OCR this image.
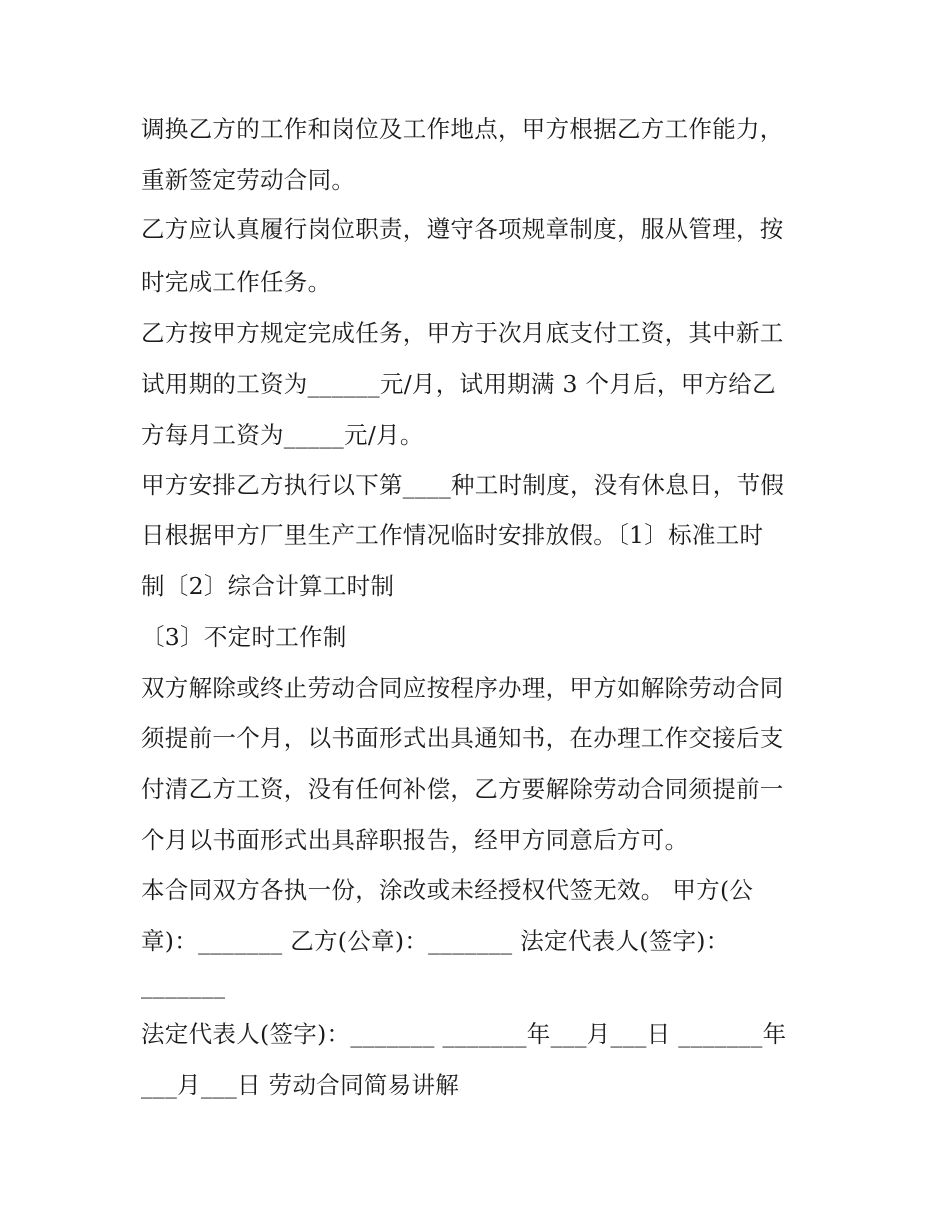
调换乙方的工作和岗位及工作地点，甲方根据乙方工作能力，
重新签定劳动合同。
乙方应认真履行岗位职责，遵守各项规章制度，服从管理，按
时完成工作任务。
乙方按甲方规定完成任务，甲方于次月底支付工资，其中新工
试用期的工资为______元/月，试用期满 3 个月后，甲方给乙
方每月工资为_____元/月。
甲方安排乙方执行以下第____种工时制度，没有休息日，节假
日根据甲方厂里生产工作情况临时安排放假。〔1〕标准工时
制〔2〕综合计算工时制
〔3〕不定时工作制
双方解除或终止劳动合同应按程序办理，甲方如解除劳动合同
须提前一个月，以书面形式出具通知书，在办理工作交接后支
付清乙方工资，没有任何补偿，乙方要解除劳动合同须提前一
个月以书面形式出具辞职报告，经甲方同意后方可。
本合同双方各执一份，涂改或未经授权代签无效。 甲方(公
章)：_______ 乙方(公章)：_______ 法定代表人(签字)：
_______
法定代表人(签字)：_______ _______年___月___日 _______年
___月___日 劳动合同简易讲解
